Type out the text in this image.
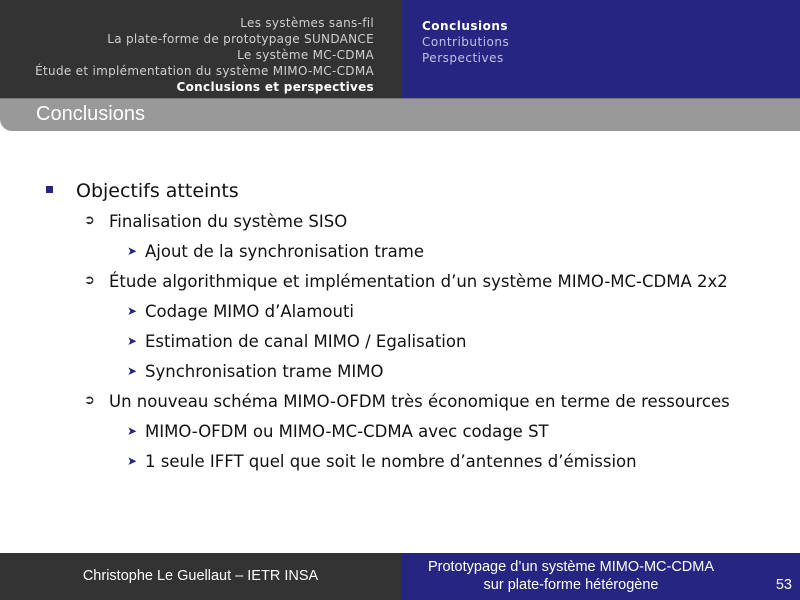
Les systèmes sans-fil
La plate-forme de prototypage SUNDANCE
Le système MC-CDMA
Étude et implémentation du système MIMO-MC-CDMA
Conclusions et perspectives
Conclusions
Contributions
Perspectives
Conclusions
Objectifs atteints
➲ Finalisation du système SISO
➤ Ajout de la synchronisation trame
➲ Étude algorithmique et implémentation d’un système MIMO-MC-CDMA 2x2
➤ Codage MIMO d’Alamouti
➤ Estimation de canal MIMO / Egalisation
➤ Synchronisation trame MIMO
➲ Un nouveau schéma MIMO-OFDM très économique en terme de ressources
➤ MIMO-OFDM ou MIMO-MC-CDMA avec codage ST
➤ 1 seule IFFT quel que soit le nombre d’antennes d’émission
Christophe Le Guellaut – IETR INSA
Prototypage d’un système MIMO-MC-CDMA
sur plate-forme hétérogène	53
